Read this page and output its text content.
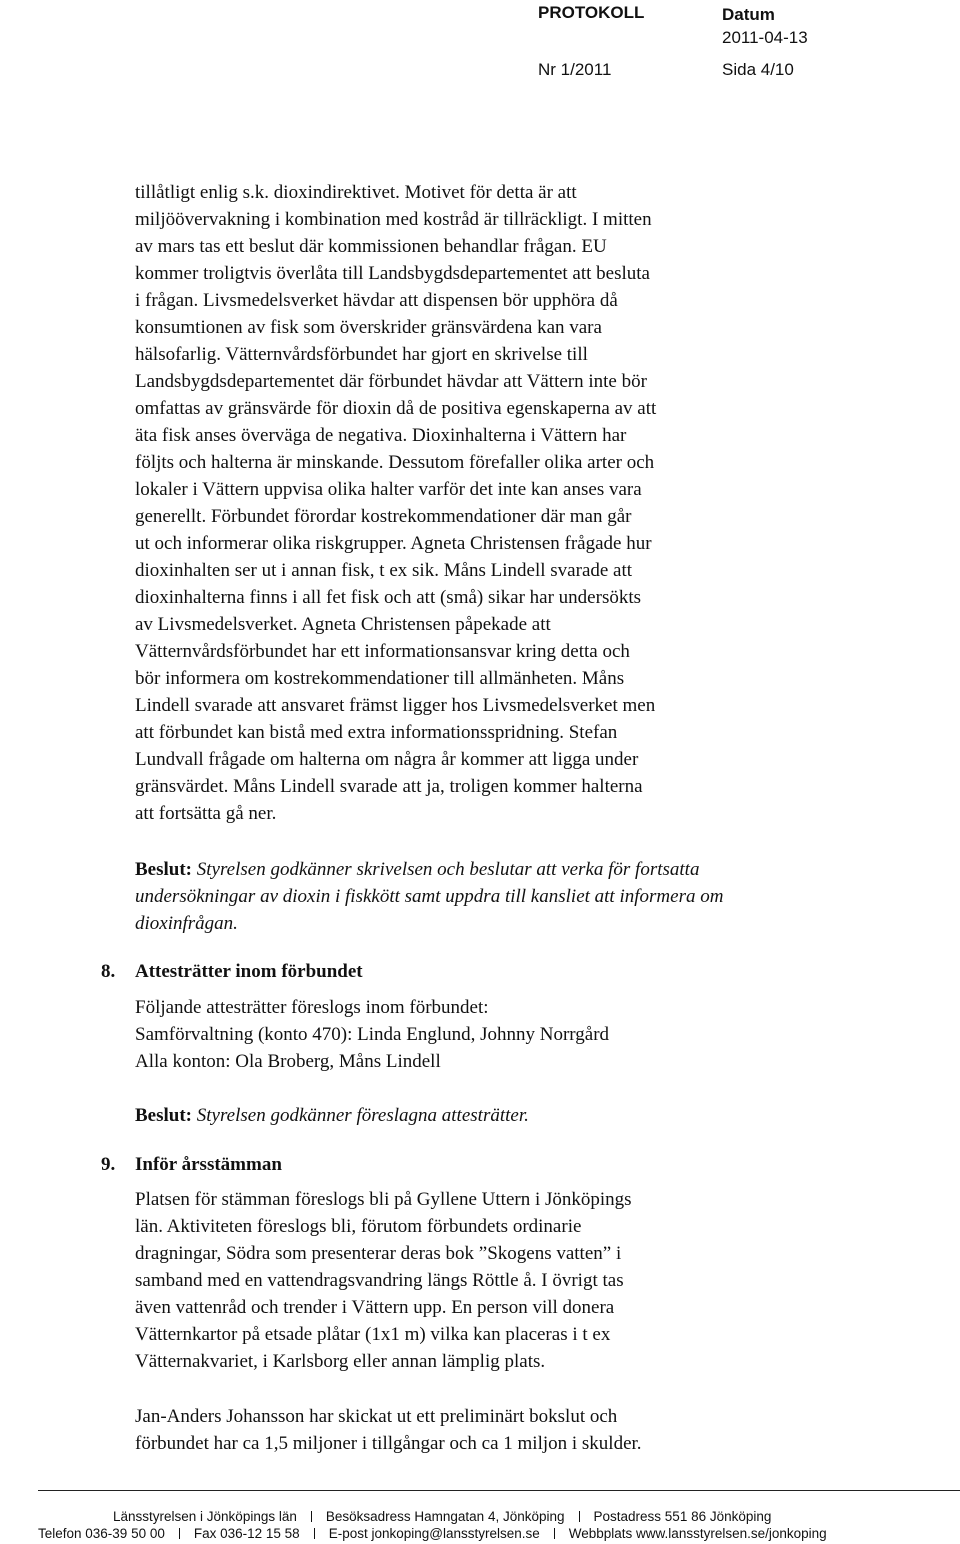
PROTOKOLL	Datum
2011-04-13
Nr 1/2011	Sida 4/10
tillåtligt enlig s.k. dioxindirektivet. Motivet för detta är att
miljöövervakning i kombination med kostråd är tillräckligt. I mitten
av mars tas ett beslut där kommissionen behandlar frågan. EU
kommer troligtvis överlåta till Landsbygdsdepartementet att besluta
i frågan. Livsmedelsverket hävdar att dispensen bör upphöra då
konsumtionen av fisk som överskrider gränsvärdena kan vara
hälsofarlig. Vätternvårdsförbundet har gjort en skrivelse till
Landsbygdsdepartementet där förbundet hävdar att Vättern inte bör
omfattas av gränsvärde för dioxin då de positiva egenskaperna av att
äta fisk anses överväga de negativa. Dioxinhalterna i Vättern har
följts och halterna är minskande. Dessutom förefaller olika arter och
lokaler i Vättern uppvisa olika halter varför det inte kan anses vara
generellt. Förbundet förordar kostrekommendationer där man går
ut och informerar olika riskgrupper. Agneta Christensen frågade hur
dioxinhalten ser ut i annan fisk, t ex sik. Måns Lindell svarade att
dioxinhalterna finns i all fet fisk och att (små) sikar har undersökts
av Livsmedelsverket. Agneta Christensen påpekade att
Vätternvårdsförbundet har ett informationsansvar kring detta och
bör informera om kostrekommendationer till allmänheten. Måns
Lindell svarade att ansvaret främst ligger hos Livsmedelsverket men
att förbundet kan bistå med extra informationsspridning. Stefan
Lundvall frågade om halterna om några år kommer att ligga under
gränsvärdet. Måns Lindell svarade att ja, troligen kommer halterna
att fortsätta gå ner.
Beslut: Styrelsen godkänner skrivelsen och beslutar att verka för fortsatta
undersökningar av dioxin i fiskkött samt uppdra till kansliet att informera om
dioxinfrågan.
8. Attesträtter inom förbundet
Följande attesträtter föreslogs inom förbundet:
Samförvaltning (konto 470): Linda Englund, Johnny Norrgård
Alla konton: Ola Broberg, Måns Lindell
Beslut: Styrelsen godkänner föreslagna attesträtter.
9. Inför årsstämman
Platsen för stämman föreslogs bli på Gyllene Uttern i Jönköpings
län. Aktiviteten föreslogs bli, förutom förbundets ordinarie
dragningar, Södra som presenterar deras bok ”Skogens vatten” i
samband med en vattendragsvandring längs Röttle å. I övrigt tas
även vattenråd och trender i Vättern upp. En person vill donera
Vätternkartor på etsade plåtar (1x1 m) vilka kan placeras i t ex
Vätternakvariet, i Karlsborg eller annan lämplig plats.
Jan-Anders Johansson har skickat ut ett preliminärt bokslut och
förbundet har ca 1,5 miljoner i tillgångar och ca 1 miljon i skulder.
Länsstyrelsen i Jönköpings län Besöksadress Hamngatan 4, Jönköping Postadress 551 86 Jönköping
Telefon 036-39 50 00 Fax 036-12 15 58 E-post jonkoping@lansstyrelsen.se Webbplats www.lansstyrelsen.se/jonkoping
